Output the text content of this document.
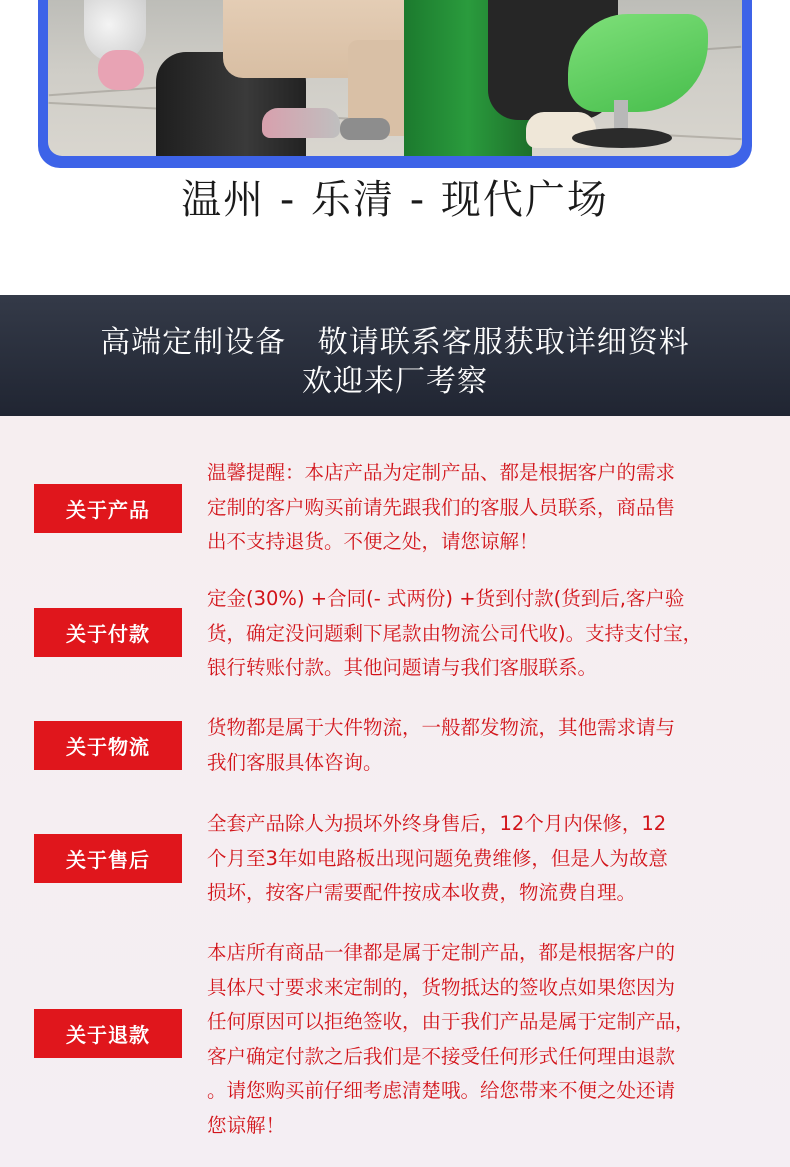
温州 - 乐清 - 现代广场
高端定制设备   敬请联系客服获取详细资料
欢迎来厂考察
关于产品
温馨提醒：本店产品为定制产品、都是根据客户的需求
定制的客户购买前请先跟我们的客服人员联系，商品售
出不支持退货。不便之处，请您谅解！
关于付款
定金(30%) +合同(- 式两份) +货到付款(货到后,客户验
货，确定没问题剩下尾款由物流公司代收)。支持支付宝，
银行转账付款。其他问题请与我们客服联系。
关于物流
货物都是属于大件物流，一般都发物流，其他需求请与
我们客服具体咨询。
关于售后
全套产品除人为损坏外终身售后，12个月内保修，12
个月至3年如电路板出现问题免费维修，但是人为故意
损坏，按客户需要配件按成本收费，物流费自理。
关于退款
本店所有商品一律都是属于定制产品，都是根据客户的
具体尺寸要求来定制的，货物抵达的签收点如果您因为
任何原因可以拒绝签收，由于我们产品是属于定制产品，
客户确定付款之后我们是不接受任何形式任何理由退款
。请您购买前仔细考虑清楚哦。给您带来不便之处还请
您谅解！
